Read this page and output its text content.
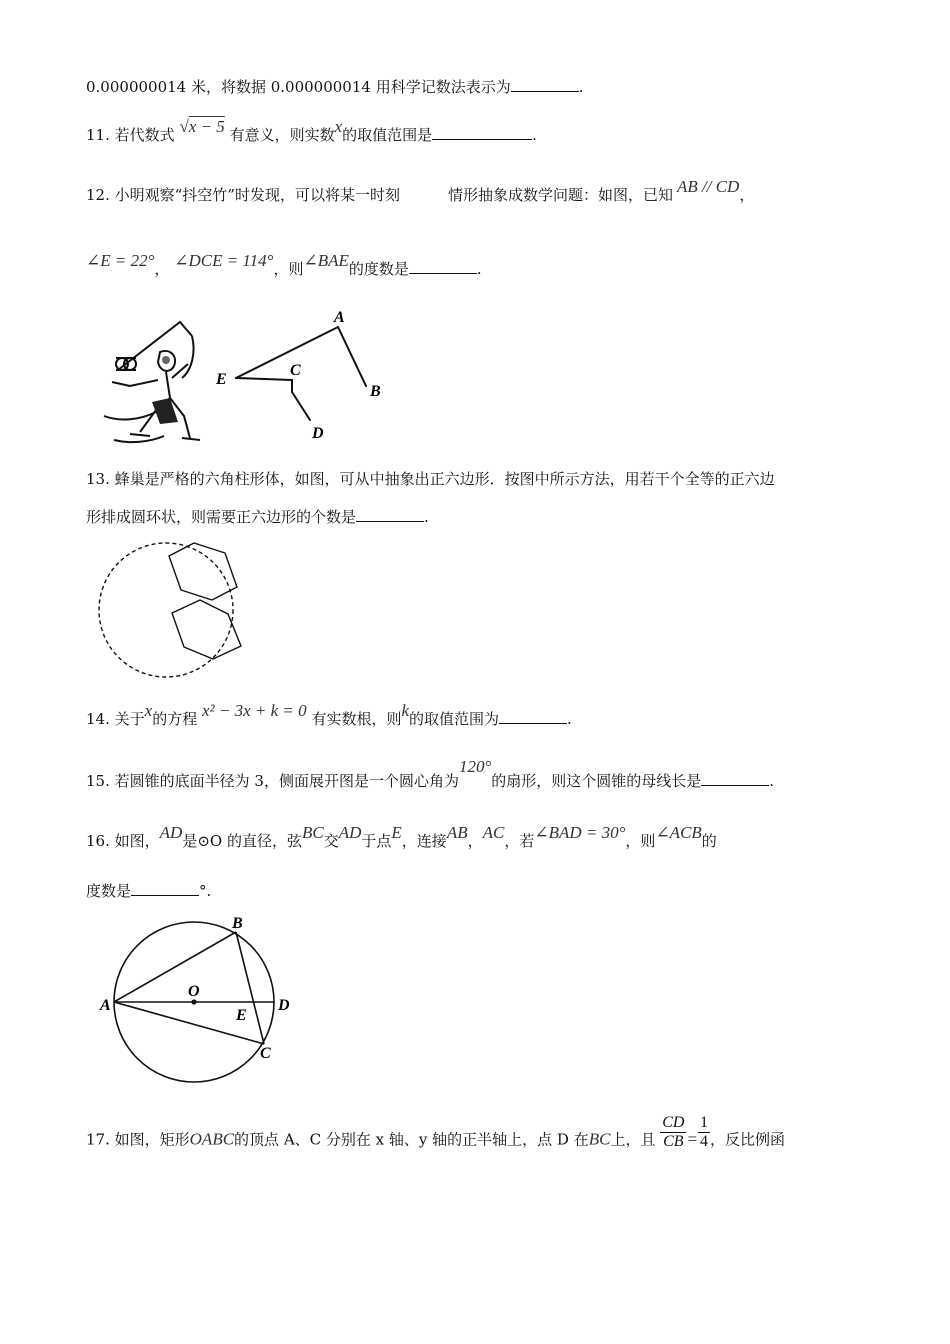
0.000000014 米，将数据 0.000000014 用科学记数法表示为	.
11. 若代数式 √x − 5 有意义，则实数x的取值范围是	.
12. 小明观察“抖空竹”时发现，可以将某一时刻	情形抽象成数学问题：如图，已知 AB // CD，
∠E = 22°， ∠DCE = 114°，则∠BAE的度数是	.
A
B
C
D
E
13. 蜂巢是严格的六角柱形体，如图，可从中抽象出正六边形．按图中所示方法，用若干个全等的正六边
形排成圆环状，则需要正六边形的个数是	.
14. 关于x的方程 x² − 3x + k = 0 有实数根，则k的取值范围为	.
15. 若圆锥的底面半径为 3，侧面展开图是一个圆心角为120°的扇形，则这个圆锥的母线长是	.
16. 如图，AD是⊙O 的直径，弦BC交AD于点E，连接AB，AC，若∠BAD = 30°，则∠ACB的
度数是	°.
A
B
C
D
E
O
17. 如图，矩形OABC的顶点 A、C 分别在 x 轴、y 轴的正半轴上，点 D 在BC上，且 $\frac{CD}{CB} = \frac{1}{4}$ ，反比例函
